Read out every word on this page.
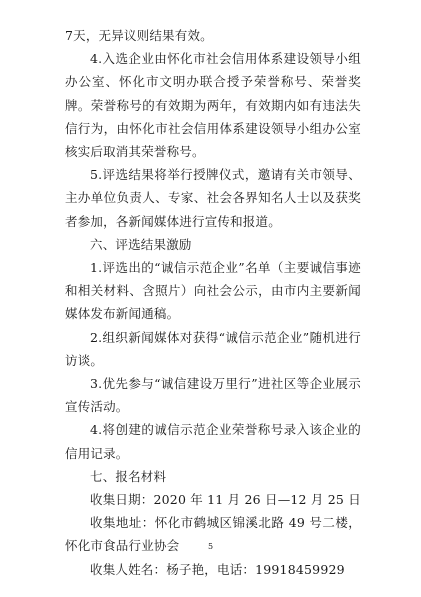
7天，无异议则结果有效。

4.入选企业由怀化市社会信用体系建设领导小组办公室、怀化市文明办联合授予荣誉称号、荣誉奖牌。荣誉称号的有效期为两年，有效期内如有违法失信行为，由怀化市社会信用体系建设领导小组办公室核实后取消其荣誉称号。

5.评选结果将举行授牌仪式，邀请有关市领导、主办单位负责人、专家、社会各界知名人士以及获奖者参加，各新闻媒体进行宣传和报道。

六、评选结果激励

1.评选出的“诚信示范企业”名单（主要诚信事迹和相关材料、含照片）向社会公示，由市内主要新闻媒体发布新闻通稿。

2.组织新闻媒体对获得“诚信示范企业”随机进行访谈。

3.优先参与“诚信建设万里行”进社区等企业展示宣传活动。

4.将创建的诚信示范企业荣誉称号录入该企业的信用记录。

七、报名材料

收集日期：2020 年 11 月 26 日—12 月 25 日

收集地址：怀化市鹤城区锦溪北路 49 号二楼，怀化市食品行业协会

收集人姓名：杨子艳，电话：19918459929

5
